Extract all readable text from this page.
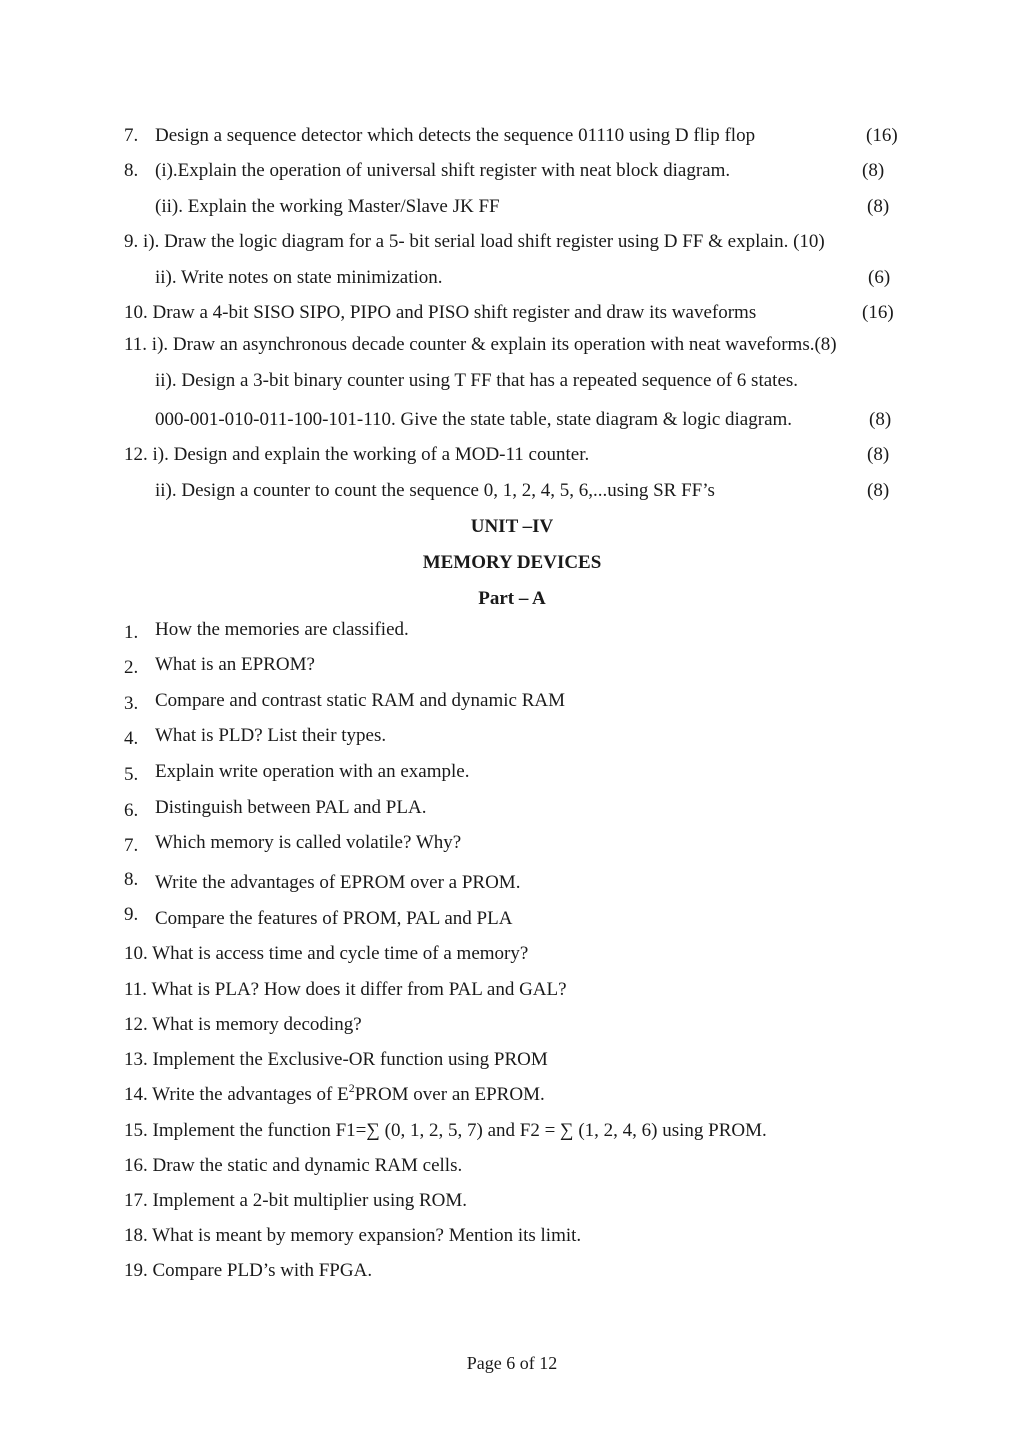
7. Design a sequence detector which detects the sequence 01110 using D flip flop	(16)
8. (i).Explain the operation of universal shift register with neat block diagram.	(8)
(ii). Explain the working Master/Slave JK FF	(8)
9. i). Draw the logic diagram for a 5- bit serial load shift register using D FF & explain. (10)
ii). Write notes on state minimization.	(6)
10. Draw a 4-bit SISO SIPO, PIPO and PISO shift register and draw its waveforms	(16)
11. i). Draw an asynchronous decade counter & explain its operation with neat waveforms.(8)
ii). Design a 3-bit binary counter using T FF that has a repeated sequence of 6 states.
000-001-010-011-100-101-110. Give the state table, state diagram & logic diagram.	(8)
12. i). Design and explain the working of a MOD-11 counter.	(8)
ii). Design a counter to count the sequence 0, 1, 2, 4, 5, 6,...using SR FF’s	(8)
UNIT –IV
MEMORY DEVICES
Part – A
1. How the memories are classified.
2. What is an EPROM?
3. Compare and contrast static RAM and dynamic RAM
4. What is PLD? List their types.
5. Explain write operation with an example.
6. Distinguish between PAL and PLA.
7. Which memory is called volatile? Why?
8. Write the advantages of EPROM over a PROM.
9. Compare the features of PROM, PAL and PLA
10. What is access time and cycle time of a memory?
11. What is PLA? How does it differ from PAL and GAL?
12. What is memory decoding?
13. Implement the Exclusive-OR function using PROM
14. Write the advantages of $E^2PROM$ over an EPROM.
15. Implement the function F1=∑ (0, 1, 2, 5, 7) and F2 = ∑ (1, 2, 4, 6) using PROM.
16. Draw the static and dynamic RAM cells.
17. Implement a 2-bit multiplier using ROM.
18. What is meant by memory expansion? Mention its limit.
19. Compare PLD’s with FPGA.
Page 6 of 12
